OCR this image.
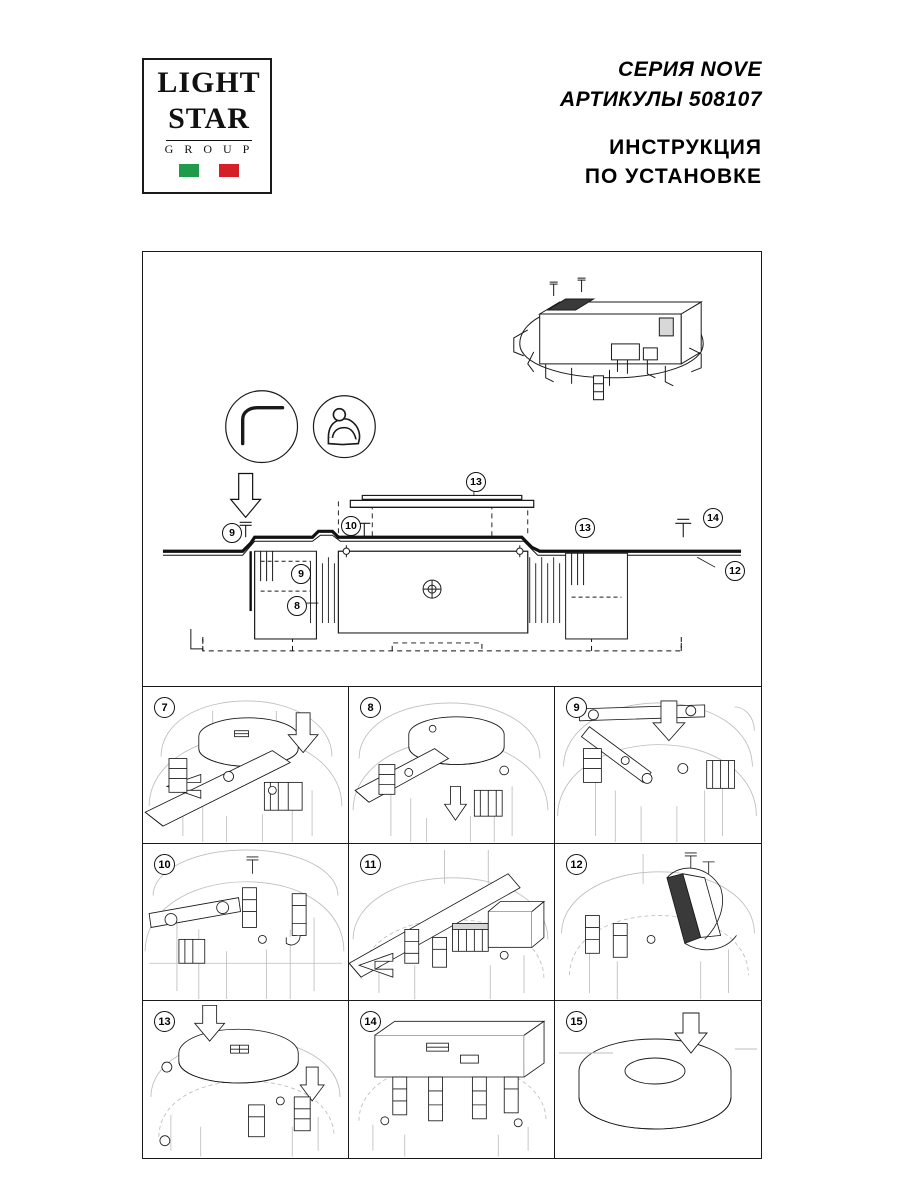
LIGHT
STAR
G R O U P
СЕРИЯ NOVE
АРТИКУЛЫ 508107
ИНСТРУКЦИЯ
ПО УСТАНОВКЕ
13
14
13
10
9
12
9
8
7	8	9
10	11	12
13	14	15
